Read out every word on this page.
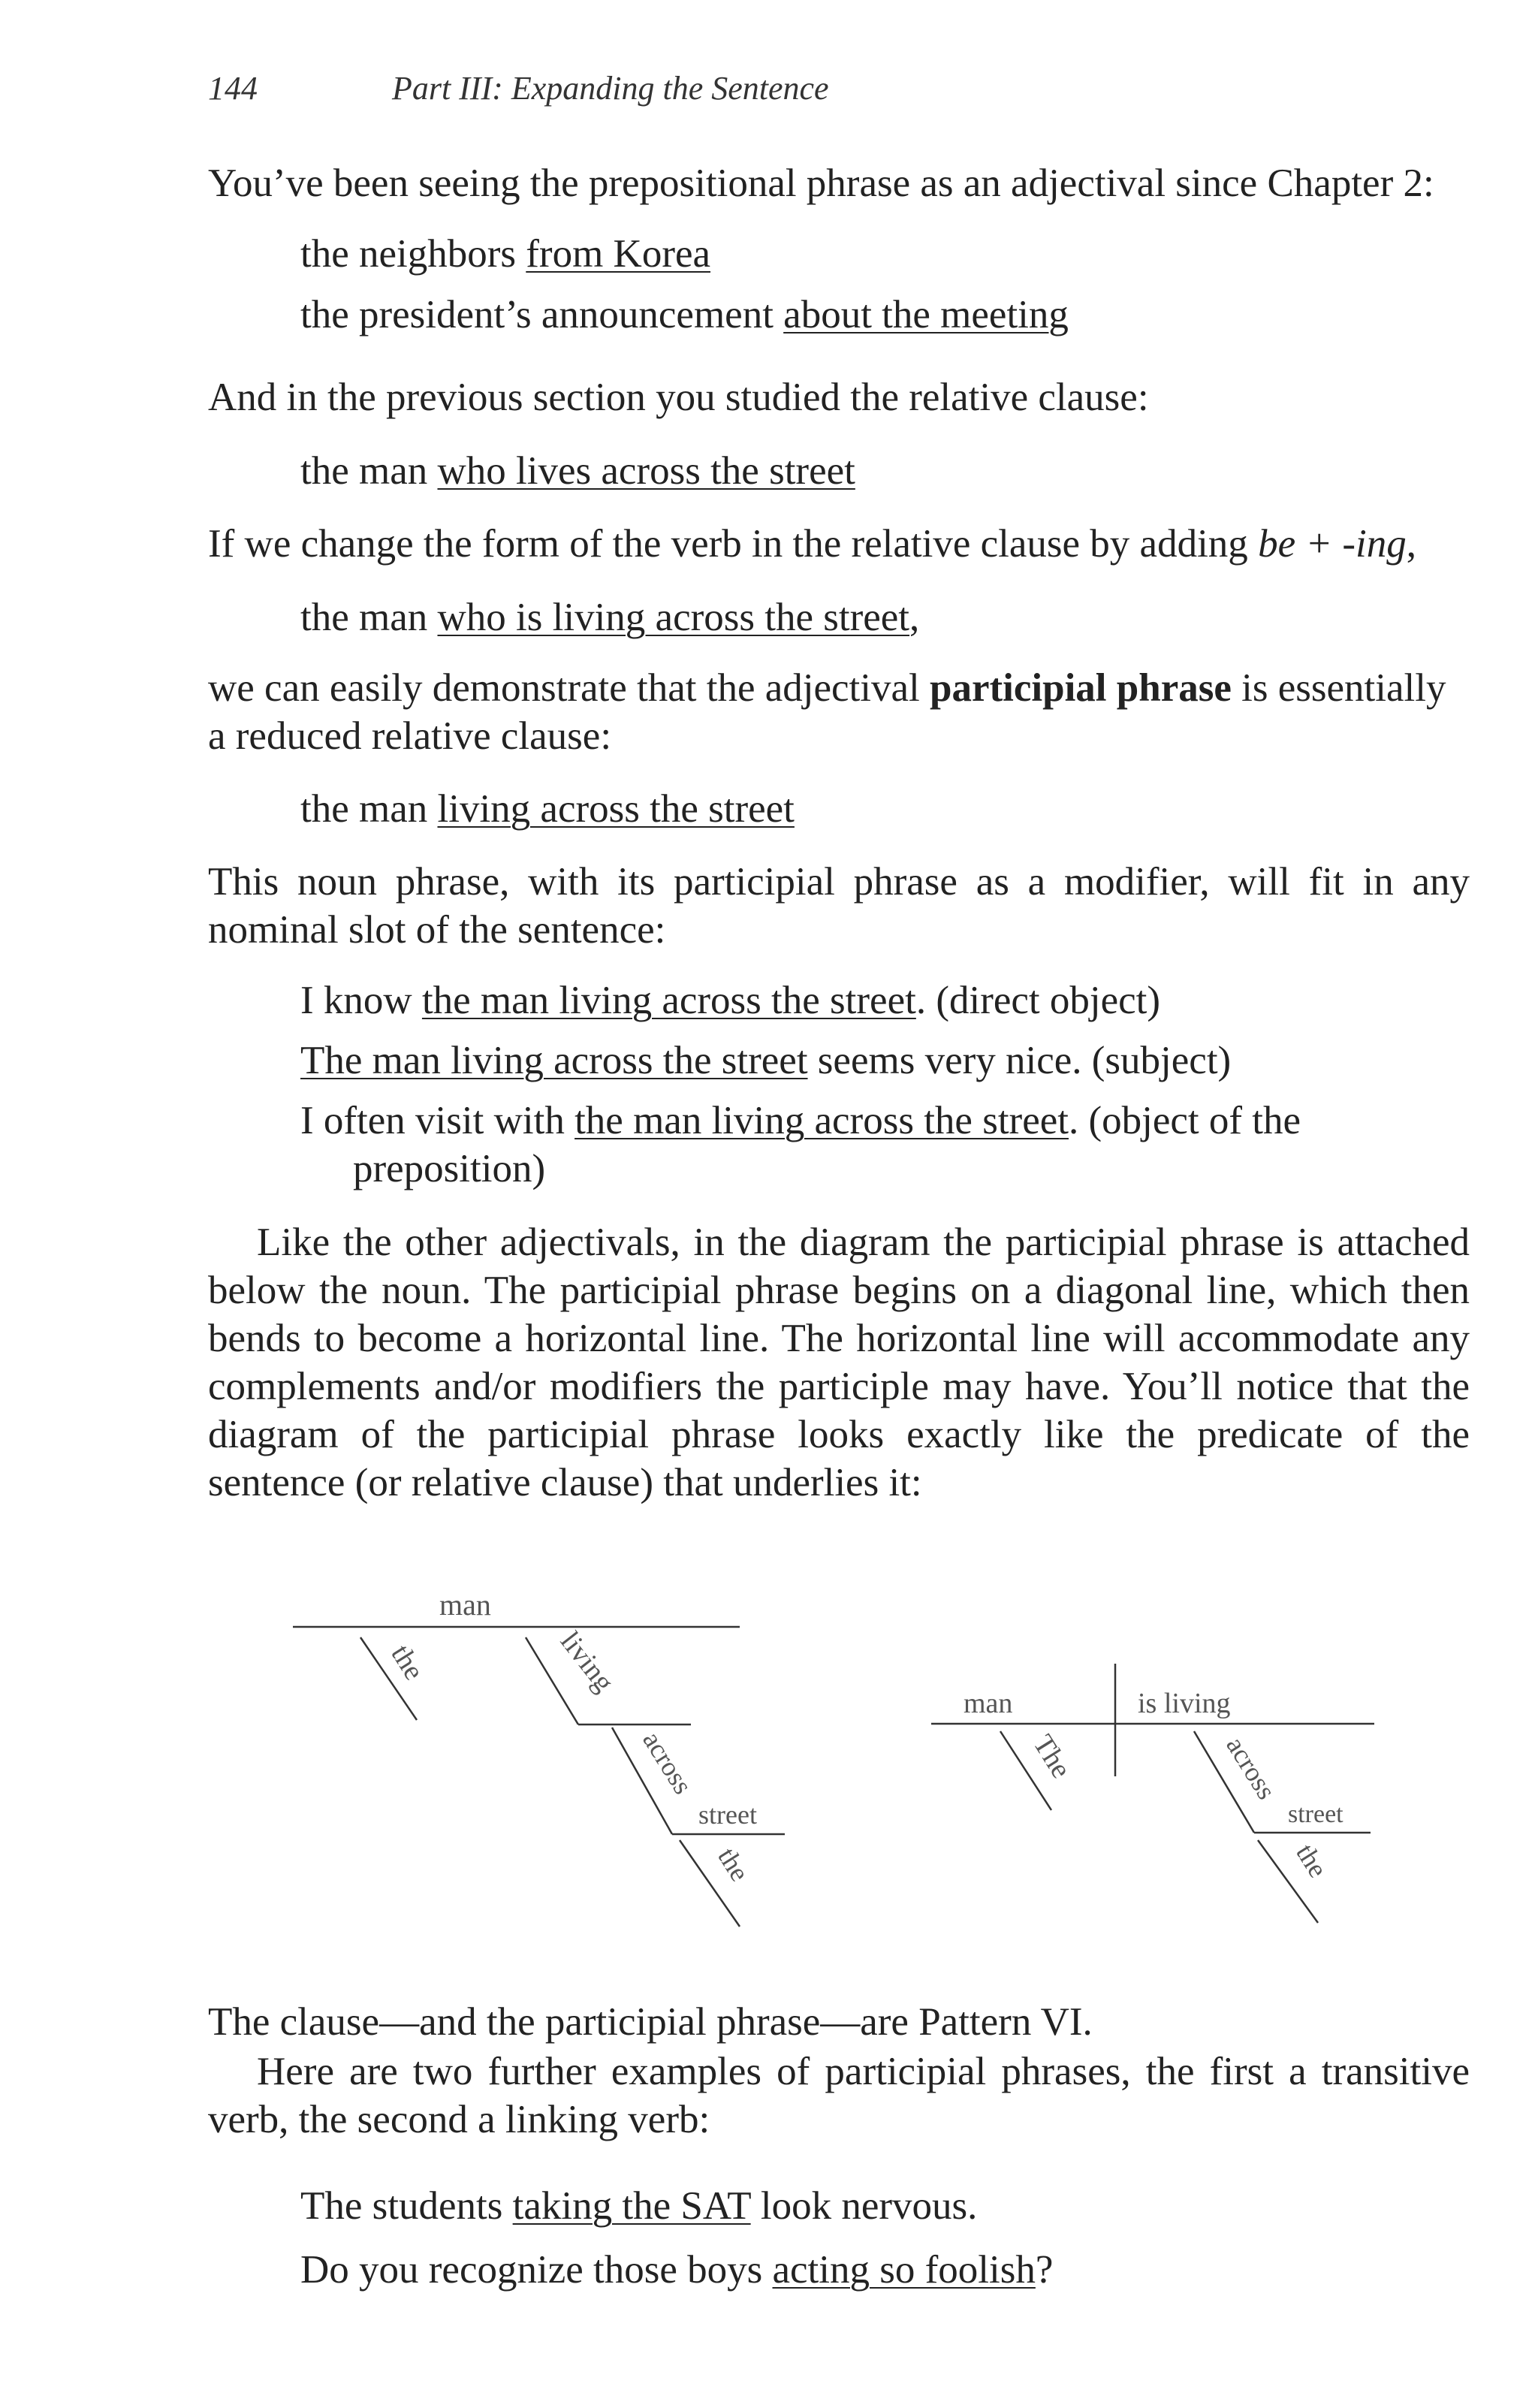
144	Part III: Expanding the Sentence

You’ve been seeing the prepositional phrase as an adjectival since Chapter 2:

the neighbors from Korea

the president’s announcement about the meeting

And in the previous section you studied the relative clause:

the man who lives across the street

If we change the form of the verb in the relative clause by adding be + -ing,

the man who is living across the street,

we can easily demonstrate that the adjectival participial phrase is essentially a reduced relative clause:

the man living across the street

This noun phrase, with its participial phrase as a modifier, will fit in any nominal slot of the sentence:

I know the man living across the street. (direct object)

The man living across the street seems very nice. (subject)

I often visit with the man living across the street. (object of the preposition)

Like the other adjectivals, in the diagram the participial phrase is attached below the noun. The participial phrase begins on a diagonal line, which then bends to become a horizontal line. The horizontal line will accommodate any complements and/or modifiers the participle may have. You’ll notice that the diagram of the participial phrase looks exactly like the predicate of the sentence (or relative clause) that underlies it:

man
the	living
across
street
the
man	is living
The	across
street
the

The clause—and the participial phrase—are Pattern VI.

Here are two further examples of participial phrases, the first a transitive verb, the second a linking verb:

The students taking the SAT look nervous.

Do you recognize those boys acting so foolish?
